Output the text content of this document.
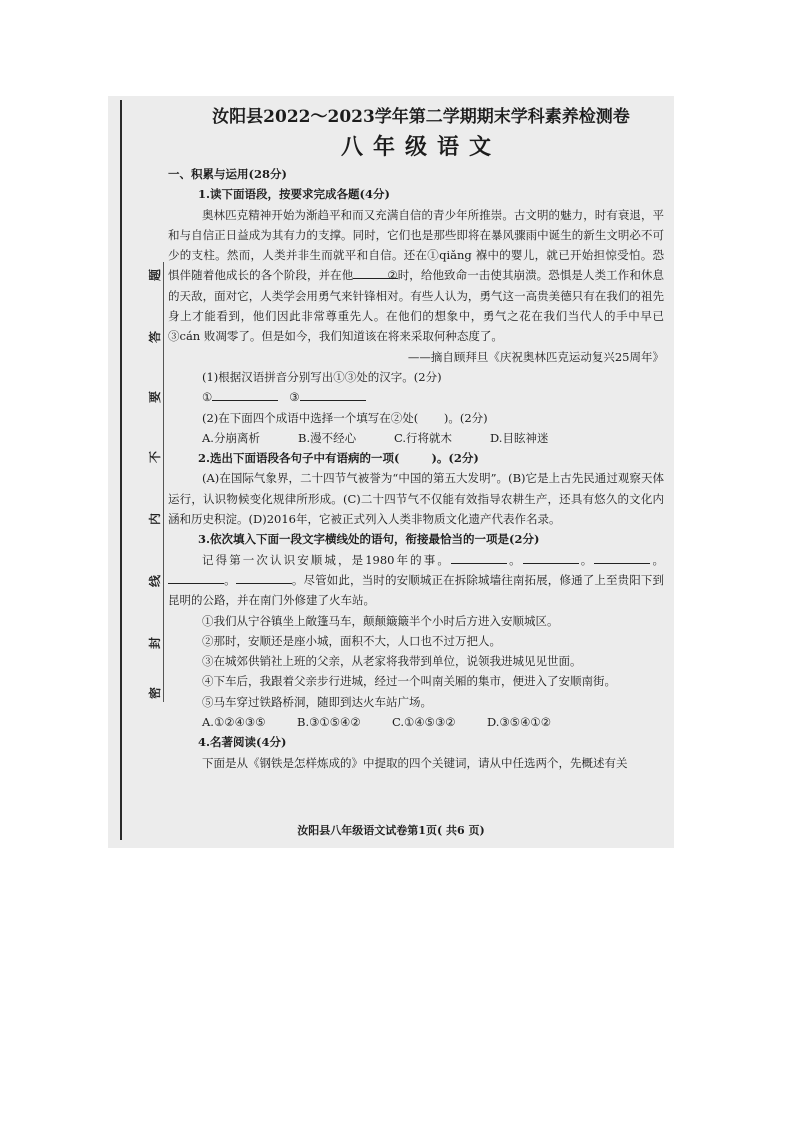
题
答
要
不
内
线
封
密
汝阳县2022～2023学年第二学期期末学科素养检测卷
八年级语文
一、积累与运用(28分)
1.读下面语段，按要求完成各题(4分)
奥林匹克精神开始为渐趋平和而又充满自信的青少年所推崇。古文明的魅力，时有衰退，平和与自信正日益成为其有力的支撑。同时，它们也是那些即将在暴风骤雨中诞生的新生文明必不可少的支柱。然而，人类并非生而就平和自信。还在①qiǎng 褓中的婴儿，就已开始担惊受怕。恐惧伴随着他成长的各个阶段，并在他	②时，给他致命一击使其崩溃。恐惧是人类工作和休息的天敌，面对它，人类学会用勇气来针锋相对。有些人认为，勇气这一高贵美德只有在我们的祖先身上才能看到，他们因此非常尊重先人。在他们的想象中，勇气之花在我们当代人的手中早已③cán 败凋零了。但是如今，我们知道该在将来采取何种态度了。
——摘自顾拜旦《庆祝奥林匹克运动复兴25周年》
(1)根据汉语拼音分别写出①③处的汉字。(2分)
①	③
(2)在下面四个成语中选择一个填写在②处( )。(2分)
A.分崩离析	B.漫不经心	C.行将就木	D.目眩神迷
2.选出下面语段各句子中有语病的一项(	)。(2分)
(A)在国际气象界，二十四节气被誉为“中国的第五大发明”。(B)它是上古先民通过观察天体运行，认识物候变化规律所形成。(C)二十四节气不仅能有效指导农耕生产，还具有悠久的文化内涵和历史积淀。(D)2016年，它被正式列入人类非物质文化遗产代表作名录。
3.依次填入下面一段文字横线处的语句，衔接最恰当的一项是(2分)
记得第一次认识安顺城，是1980年的事。	。	。	。。	。尽管如此，当时的安顺城正在拆除城墙往南拓展，修通了上至贵阳下到昆明的公路，并在南门外修建了火车站。
①我们从宁谷镇坐上敞篷马车，颠颠簸簸半个小时后方进入安顺城区。
②那时，安顺还是座小城，面积不大，人口也不过万把人。
③在城郊供销社上班的父亲，从老家将我带到单位，说领我进城见见世面。
④下车后，我跟着父亲步行进城，经过一个叫南关厢的集市，便进入了安顺南街。
⑤马车穿过铁路桥洞，随即到达火车站广场。
A.①②④③⑤	B.③①⑤④②	C.①④⑤③②	D.③⑤④①②
4.名著阅读(4分)
下面是从《钢铁是怎样炼成的》中提取的四个关键词，请从中任选两个，先概述有关
汝阳县八年级语文试卷第1页( 共6 页)
